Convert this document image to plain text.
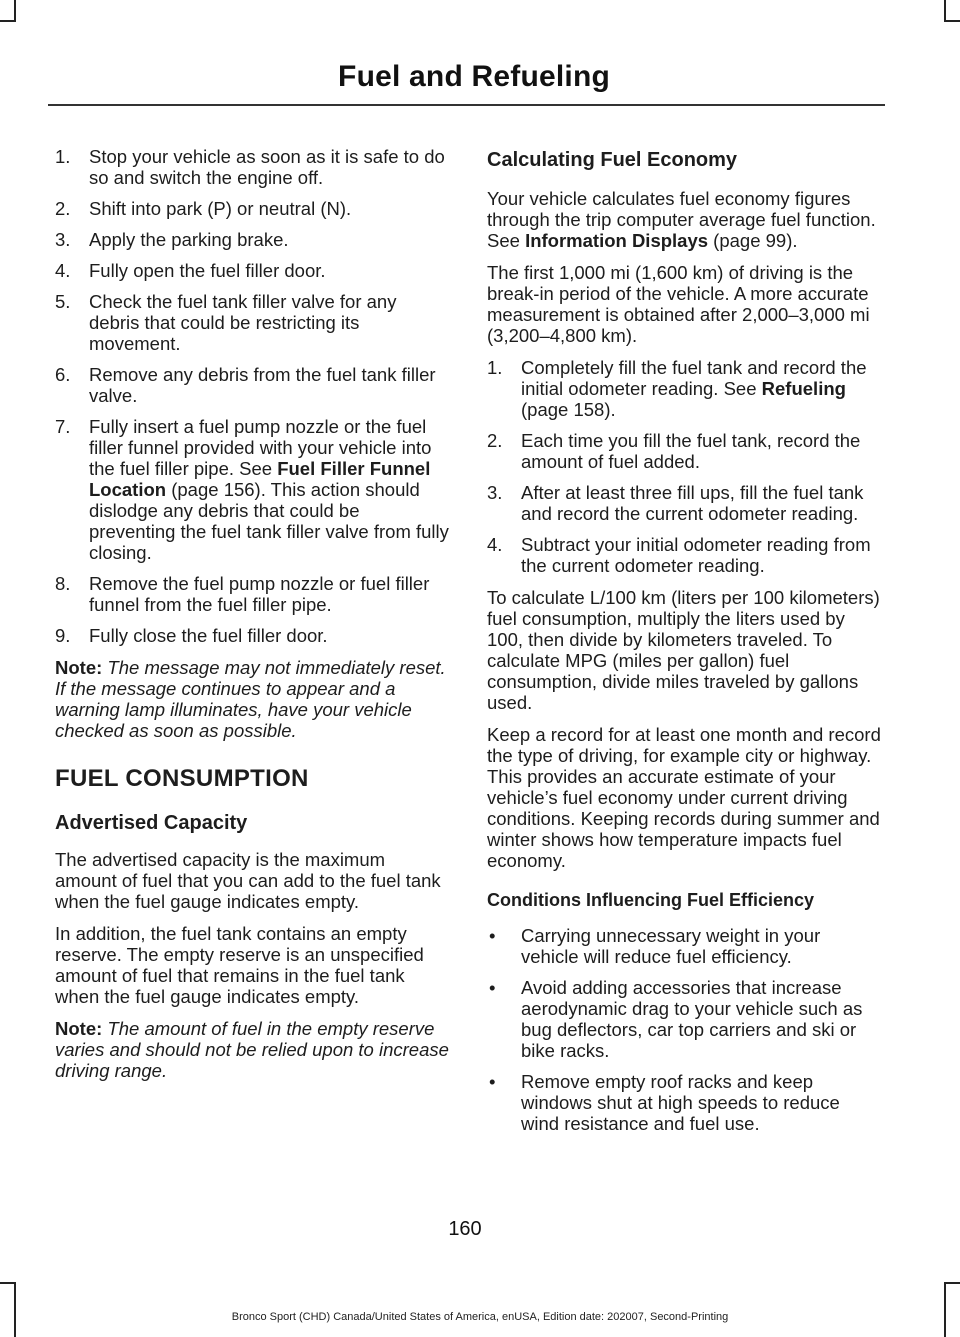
Fuel and Refueling
1. Stop your vehicle as soon as it is safe to do so and switch the engine off.
2. Shift into park (P) or neutral (N).
3. Apply the parking brake.
4. Fully open the fuel filler door.
5. Check the fuel tank filler valve for any debris that could be restricting its movement.
6. Remove any debris from the fuel tank filler valve.
7. Fully insert a fuel pump nozzle or the fuel filler funnel provided with your vehicle into the fuel filler pipe. See Fuel Filler Funnel Location (page 156). This action should dislodge any debris that could be preventing the fuel tank filler valve from fully closing.
8. Remove the fuel pump nozzle or fuel filler funnel from the fuel filler pipe.
9. Fully close the fuel filler door.

Note: The message may not immediately reset. If the message continues to appear and a warning lamp illuminates, have your vehicle checked as soon as possible.

FUEL CONSUMPTION
Advertised Capacity

The advertised capacity is the maximum amount of fuel that you can add to the fuel tank when the fuel gauge indicates empty.

In addition, the fuel tank contains an empty reserve. The empty reserve is an unspecified amount of fuel that remains in the fuel tank when the fuel gauge indicates empty.

Note: The amount of fuel in the empty reserve varies and should not be relied upon to increase driving range.

Calculating Fuel Economy

Your vehicle calculates fuel economy figures through the trip computer average fuel function. See Information Displays (page 99).

The first 1,000 mi (1,600 km) of driving is the break-in period of the vehicle. A more accurate measurement is obtained after 2,000–3,000 mi (3,200–4,800 km).

1. Completely fill the fuel tank and record the initial odometer reading. See Refueling (page 158).
2. Each time you fill the fuel tank, record the amount of fuel added.
3. After at least three fill ups, fill the fuel tank and record the current odometer reading.
4. Subtract your initial odometer reading from the current odometer reading.

To calculate L/100 km (liters per 100 kilometers) fuel consumption, multiply the liters used by 100, then divide by kilometers traveled. To calculate MPG (miles per gallon) fuel consumption, divide miles traveled by gallons used.

Keep a record for at least one month and record the type of driving, for example city or highway. This provides an accurate estimate of your vehicle’s fuel economy under current driving conditions. Keeping records during summer and winter shows how temperature impacts fuel economy.

Conditions Influencing Fuel Efficiency
• Carrying unnecessary weight in your vehicle will reduce fuel efficiency.
• Avoid adding accessories that increase aerodynamic drag to your vehicle such as bug deflectors, car top carriers and ski or bike racks.
• Remove empty roof racks and keep windows shut at high speeds to reduce wind resistance and fuel use.
160
Bronco Sport (CHD) Canada/United States of America, enUSA, Edition date: 202007, Second-Printing
